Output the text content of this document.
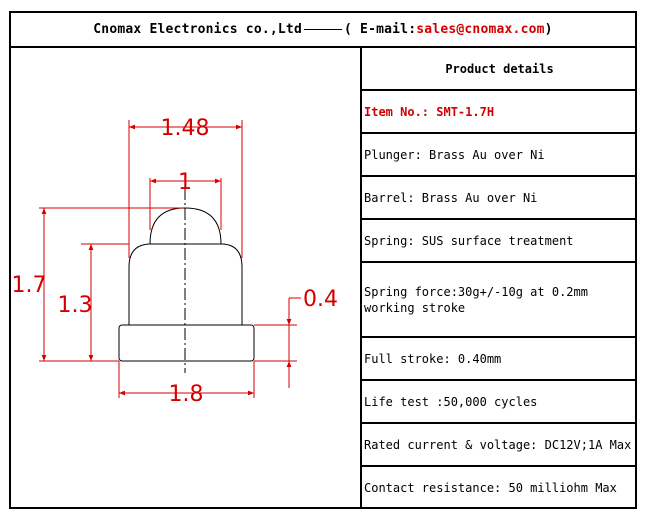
Cnomax Electronics co.,Ltd	( E-mail: sales@cnomax.com )
1.48
1
1.7
1.3
1.8
0.4
Product details
Item No.: SMT-1.7H
Plunger: Brass Au over Ni
Barrel: Brass Au over Ni
Spring: SUS surface treatment
Spring force:30g+/-10g at 0.2mm working stroke
Full stroke: 0.40mm
Life test :50,000 cycles
Rated current & voltage: DC12V;1A Max
Contact resistance: 50 milliohm Max
